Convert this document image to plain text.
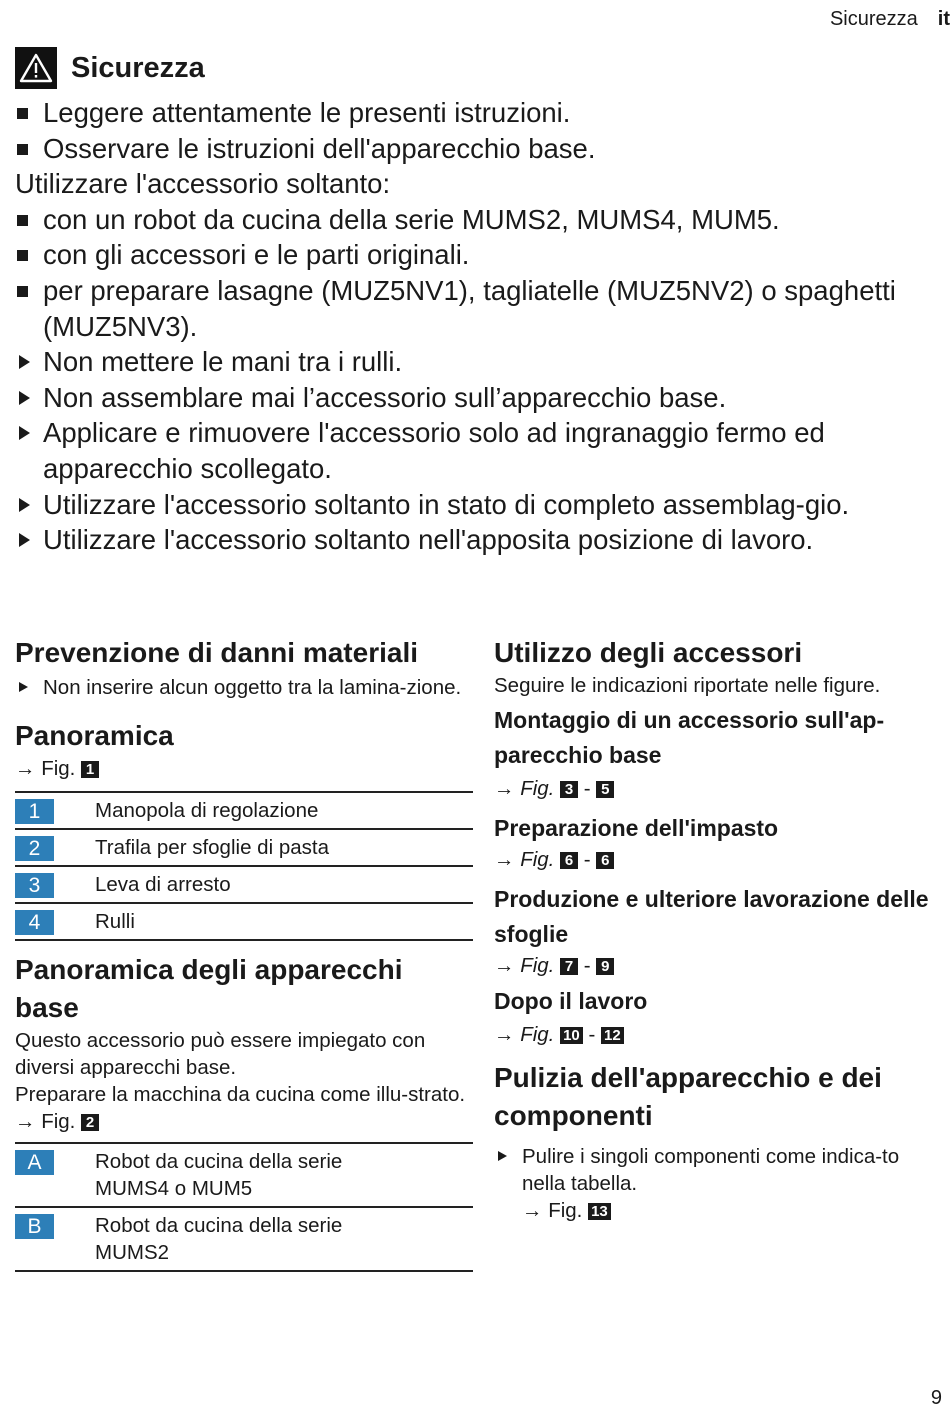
Sicurezza it
Sicurezza
Leggere attentamente le presenti istruzioni.
Osservare le istruzioni dell'apparecchio base.
Utilizzare l'accessorio soltanto:
con un robot da cucina della serie MUMS2, MUMS4, MUM5.
con gli accessori e le parti originali.
per preparare lasagne (MUZ5NV1), tagliatelle (MUZ5NV2) o spaghetti (MUZ5NV3).
Non mettere le mani tra i rulli.
Non assemblare mai l’accessorio sull’apparecchio base.
Applicare e rimuovere l'accessorio solo ad ingranaggio fermo ed apparecchio scollegato.
Utilizzare l'accessorio soltanto in stato di completo assemblag-gio.
Utilizzare l'accessorio soltanto nell'apposita posizione di lavoro.
Prevenzione di danni materiali
Non inserire alcun oggetto tra la lamina-zione.
Panoramica
→ Fig. 1
1	Manopola di regolazione
2	Trafila per sfoglie di pasta
3	Leva di arresto
4	Rulli
Panoramica degli apparecchi base
Questo accessorio può essere impiegato con diversi apparecchi base.
Preparare la macchina da cucina come illu-strato.
→ Fig. 2
A	Robot da cucina della serie MUMS4 o MUM5
B	Robot da cucina della serie MUMS2
Utilizzo degli accessori
Seguire le indicazioni riportate nelle figure.
Montaggio di un accessorio sull'ap-parecchio base
→ Fig. 3 - 5
Preparazione dell'impasto
→ Fig. 6 - 6
Produzione e ulteriore lavorazione delle sfoglie
→ Fig. 7 - 9
Dopo il lavoro
→ Fig. 10 - 12
Pulizia dell'apparecchio e dei componenti
Pulire i singoli componenti come indica-to nella tabella.
→ Fig. 13
9
